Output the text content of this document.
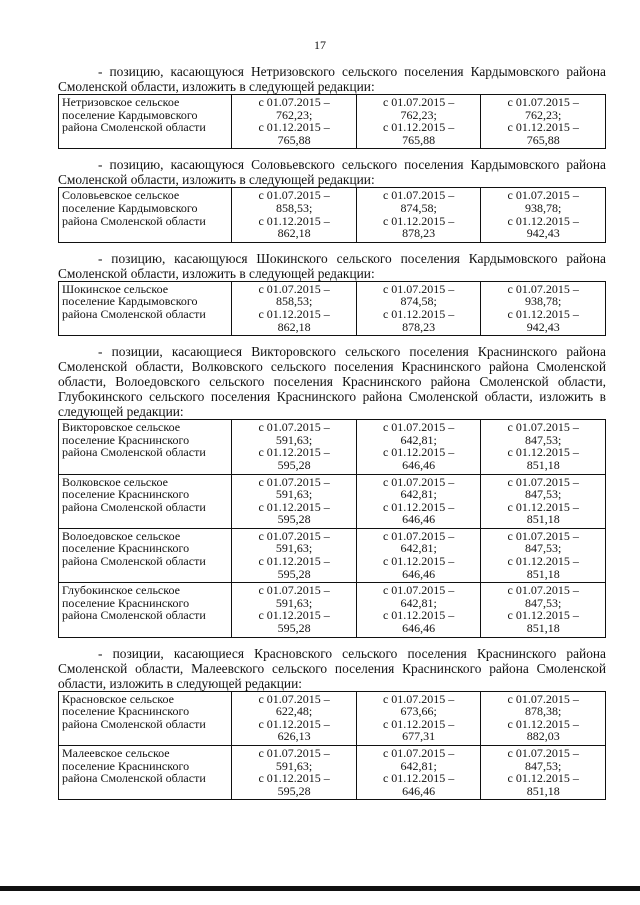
17

- позицию, касающуюся Нетризовского сельского поселения Кардымовского района Смоленской области, изложить в следующей редакции:

Нетризовское сельское
поселение Кардымовского
района Смоленской области

с 01.07.2015 –
762,23;
с 01.12.2015 –
765,88

с 01.07.2015 –
762,23;
с 01.12.2015 –
765,88

с 01.07.2015 –
762,23;
с 01.12.2015 –
765,88

- позицию, касающуюся Соловьевского сельского поселения Кардымовского района Смоленской области, изложить в следующей редакции:

Соловьевское сельское
поселение Кардымовского
района Смоленской области

с 01.07.2015 –
858,53;
с 01.12.2015 –
862,18

с 01.07.2015 –
874,58;
с 01.12.2015 –
878,23

с 01.07.2015 –
938,78;
с 01.12.2015 –
942,43

- позицию, касающуюся Шокинского сельского поселения Кардымовского района Смоленской области, изложить в следующей редакции:

Шокинское сельское
поселение Кардымовского
района Смоленской области

с 01.07.2015 –
858,53;
с 01.12.2015 –
862,18

с 01.07.2015 –
874,58;
с 01.12.2015 –
878,23

с 01.07.2015 –
938,78;
с 01.12.2015 –
942,43

- позиции, касающиеся Викторовского сельского поселения Краснинского района Смоленской области, Волковского сельского поселения Краснинского района Смоленской области, Волоедовского сельского поселения Краснинского района Смоленской области, Глубокинского сельского поселения Краснинского района Смоленской области, изложить в следующей редакции:

Викторовское сельское
поселение Краснинского
района Смоленской области	с 01.07.2015 –
591,63;
с 01.12.2015 –
595,28	с 01.07.2015 –
642,81;
с 01.12.2015 –
646,46	с 01.07.2015 –
847,53;
с 01.12.2015 –
851,18

Волковское сельское
поселение Краснинского
района Смоленской области	с 01.07.2015 –
591,63;
с 01.12.2015 –
595,28	с 01.07.2015 –
642,81;
с 01.12.2015 –
646,46	с 01.07.2015 –
847,53;
с 01.12.2015 –
851,18

Волоедовское сельское
поселение Краснинского
района Смоленской области	с 01.07.2015 –
591,63;
с 01.12.2015 –
595,28	с 01.07.2015 –
642,81;
с 01.12.2015 –
646,46	с 01.07.2015 –
847,53;
с 01.12.2015 –
851,18

Глубокинское сельское
поселение Краснинского
района Смоленской области	с 01.07.2015 –
591,63;
с 01.12.2015 –
595,28	с 01.07.2015 –
642,81;
с 01.12.2015 –
646,46	с 01.07.2015 –
847,53;
с 01.12.2015 –
851,18

- позиции, касающиеся Красновского сельского поселения Краснинского района Смоленской области, Малеевского сельского поселения Краснинского района Смоленской области, изложить в следующей редакции:

Красновское сельское
поселение Краснинского
района Смоленской области	с 01.07.2015 –
622,48;
с 01.12.2015 –
626,13	с 01.07.2015 –
673,66;
с 01.12.2015 –
677,31	с 01.07.2015 –
878,38;
с 01.12.2015 –
882,03

Малеевское сельское
поселение Краснинского
района Смоленской области	с 01.07.2015 –
591,63;
с 01.12.2015 –
595,28	с 01.07.2015 –
642,81;
с 01.12.2015 –
646,46	с 01.07.2015 –
847,53;
с 01.12.2015 –
851,18
